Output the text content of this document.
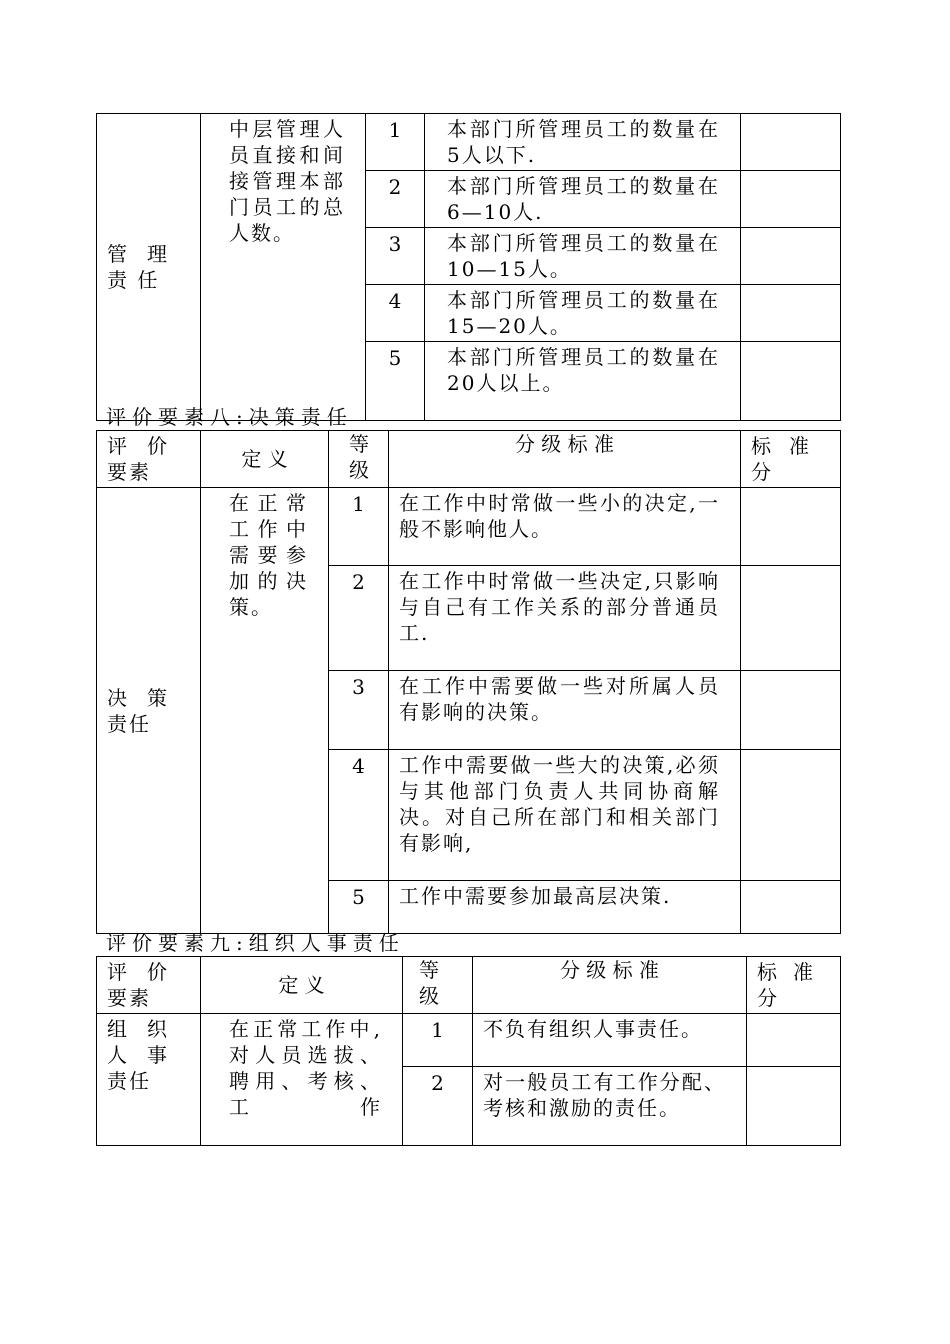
管 理 责 任	中层管理人员直接和间接管理本部门员工的总人数。	1	本部门所管理员工的数量在5人以下.	

		2	本部门所管理员工的数量在6—10人.	

		3	本部门所管理员工的数量在10—15人。	

		4	本部门所管理员工的数量在15—20人。	

		5	本部门所管理员工的数量在20人以上。	

评价要素八:决策责任
评 价 要素	定 义	等级	分 级 标 准	标 准分

决 策 责任	在正常工作中需要参加的决策。	1	在工作中时常做一些小的决定,一般不影响他人。	

		2	在工作中时常做一些决定,只影响与自己有工作关系的部分普通员工.	

		3	在工作中需要做一些对所属人员有影响的决策。	

		4	工作中需要做一些大的决策,必须与其他部门负责人共同协商解决。对自己所在部门和相关部门有影响,	

		5	工作中需要参加最高层决策.	

评价要素九:组织人事责任
评 价 要素	定 义	等级	分 级 标 准	标 准分

组 织 人 事 责任	在正常工作中,对人员选拔、聘用、考核、工作	1	不负有组织人事责任。	

		2	对一般员工有工作分配、考核和激励的责任。	
